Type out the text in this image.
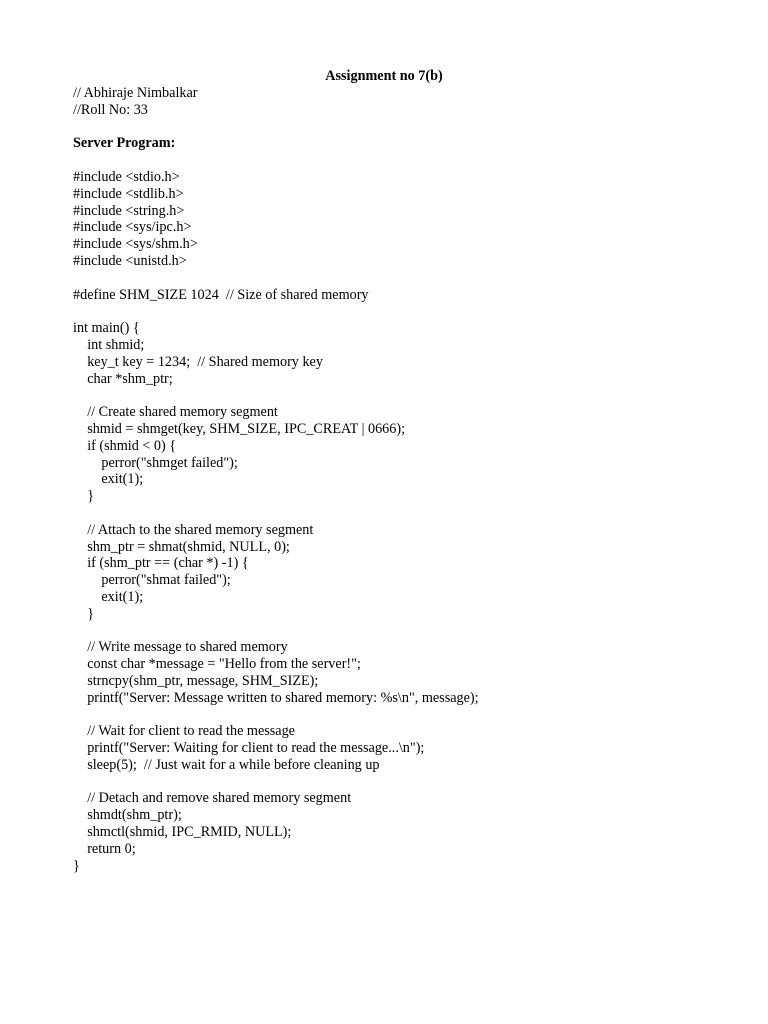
Assignment no 7(b)
// Abhiraje Nimbalkar
//Roll No: 33
Server Program:
#include <stdio.h>
#include <stdlib.h>
#include <string.h>
#include <sys/ipc.h>
#include <sys/shm.h>
#include <unistd.h>
#define SHM_SIZE 1024  // Size of shared memory
int main() {
int shmid;
key_t key = 1234;  // Shared memory key
char *shm_ptr;
// Create shared memory segment
shmid = shmget(key, SHM_SIZE, IPC_CREAT | 0666);
if (shmid < 0) {
perror("shmget failed");
exit(1);
}
// Attach to the shared memory segment
shm_ptr = shmat(shmid, NULL, 0);
if (shm_ptr == (char *) -1) {
perror("shmat failed");
exit(1);
}
// Write message to shared memory
const char *message = "Hello from the server!";
strncpy(shm_ptr, message, SHM_SIZE);
printf("Server: Message written to shared memory: %s\n", message);
// Wait for client to read the message
printf("Server: Waiting for client to read the message...\n");
sleep(5);  // Just wait for a while before cleaning up
// Detach and remove shared memory segment
shmdt(shm_ptr);
shmctl(shmid, IPC_RMID, NULL);
return 0;
}
